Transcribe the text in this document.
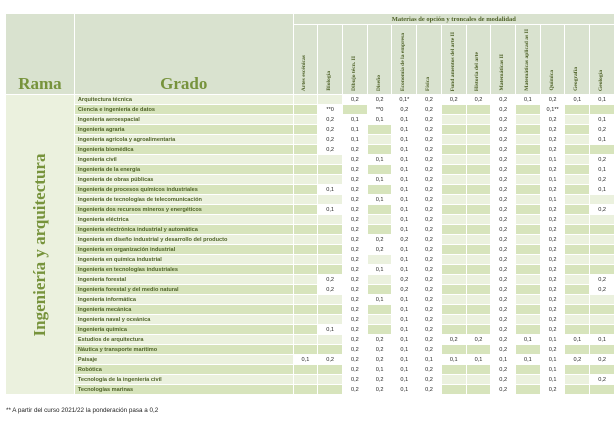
Rama	Grado	Materias de opción y troncales de modalidad												

		Artes escénicas	Biología	Dibujo técn. II	Diseño	Economía de la empresa	Física	Fund amentos del arte II	Historia del arte	Matemáticas II	Matemáticas aplicad as II	Química	Geografía	Geología

Ingeniería y arquitectura	Arquitectura técnica			0,2	0,2	0,1*	0,2	0,2	0,2	0,2	0,1	0,2	0,1	0,1
	Ciencia e ingeniería de datos		**0		**0	0,2	0,2			0,2		0,1**		
	Ingeniería aeroespacial		0,2	0,1	0,1	0,1	0,2			0,2		0,2		0,1
	Ingeniería agraria		0,2	0,1		0,1	0,2			0,2		0,2		0,2
	Ingeniería agrícola y agroalimentaria		0,2	0,1		0,1	0,2			0,2		0,2		0,1
	Ingeniería biomédica		0,2	0,2		0,1	0,2			0,2		0,2		
	Ingeniería civil			0,2	0,1	0,1	0,2			0,2		0,1		0,2
	Ingeniería de la energía			0,2		0,1	0,2			0,2		0,2		0,1
	Ingeniería de obras públicas			0,2	0,1	0,1	0,2			0,2		0,1		0,2
	Ingeniería de procesos químicos industriales		0,1	0,2		0,1	0,2			0,2		0,2		0,1
	Ingeniería de tecnologías de telecomunicación			0,2	0,1	0,1	0,2			0,2		0,1		
	Ingeniería dos recursos mineros y energéticos		0,1	0,2		0,1	0,2			0,2		0,2		0,2
	Ingeniería eléctrica			0,2		0,1	0,2			0,2		0,2		
	Ingeniería electrónica industrial y automática			0,2		0,1	0,2			0,2		0,2		
	Ingeniería en diseño industrial y desarrollo del producto			0,2	0,2	0,2	0,2			0,2		0,2		
	Ingeniería en organización industrial			0,2	0,2	0,1	0,2			0,2		0,2		
	Ingeniería en química industrial			0,2		0,1	0,2			0,2		0,2		
	Ingeniería en tecnologías industriales			0,2	0,1	0,1	0,2			0,2		0,2		
	Ingeniería forestal		0,2	0,2		0,2	0,2			0,2		0,2		0,2
	Ingeniería forestal y del medio natural		0,2	0,2		0,2	0,2			0,2		0,2		0,2
	Ingeniería informática			0,2	0,1	0,1	0,2			0,2		0,2		
	Ingeniería mecánica			0,2		0,1	0,2			0,2		0,2		
	Ingeniería naval y oceánica			0,2		0,1	0,2			0,2		0,2		
	Ingeniería química		0,1	0,2		0,1	0,2			0,2		0,2		
	Estudios de arquitectura			0,2	0,2	0,1	0,2	0,2	0,2	0,2	0,1	0,1	0,1	0,1
	Náutica y transporte marítimo			0,2	0,2	0,1	0,2			0,2		0,2		
	Paisaje	0,1	0,2	0,2	0,2	0,1	0,1	0,1	0,1	0,1	0,1	0,1	0,2	0,2
	Robótica			0,2	0,1	0,1	0,2			0,2		0,1		
	Tecnología de la ingeniería civil			0,2	0,2	0,1	0,2			0,2		0,1		0,2
	Tecnologías marinas			0,2	0,2	0,1	0,2			0,2		0,2		
** A partir del curso 2021/22 la ponderación pasa a 0,2
